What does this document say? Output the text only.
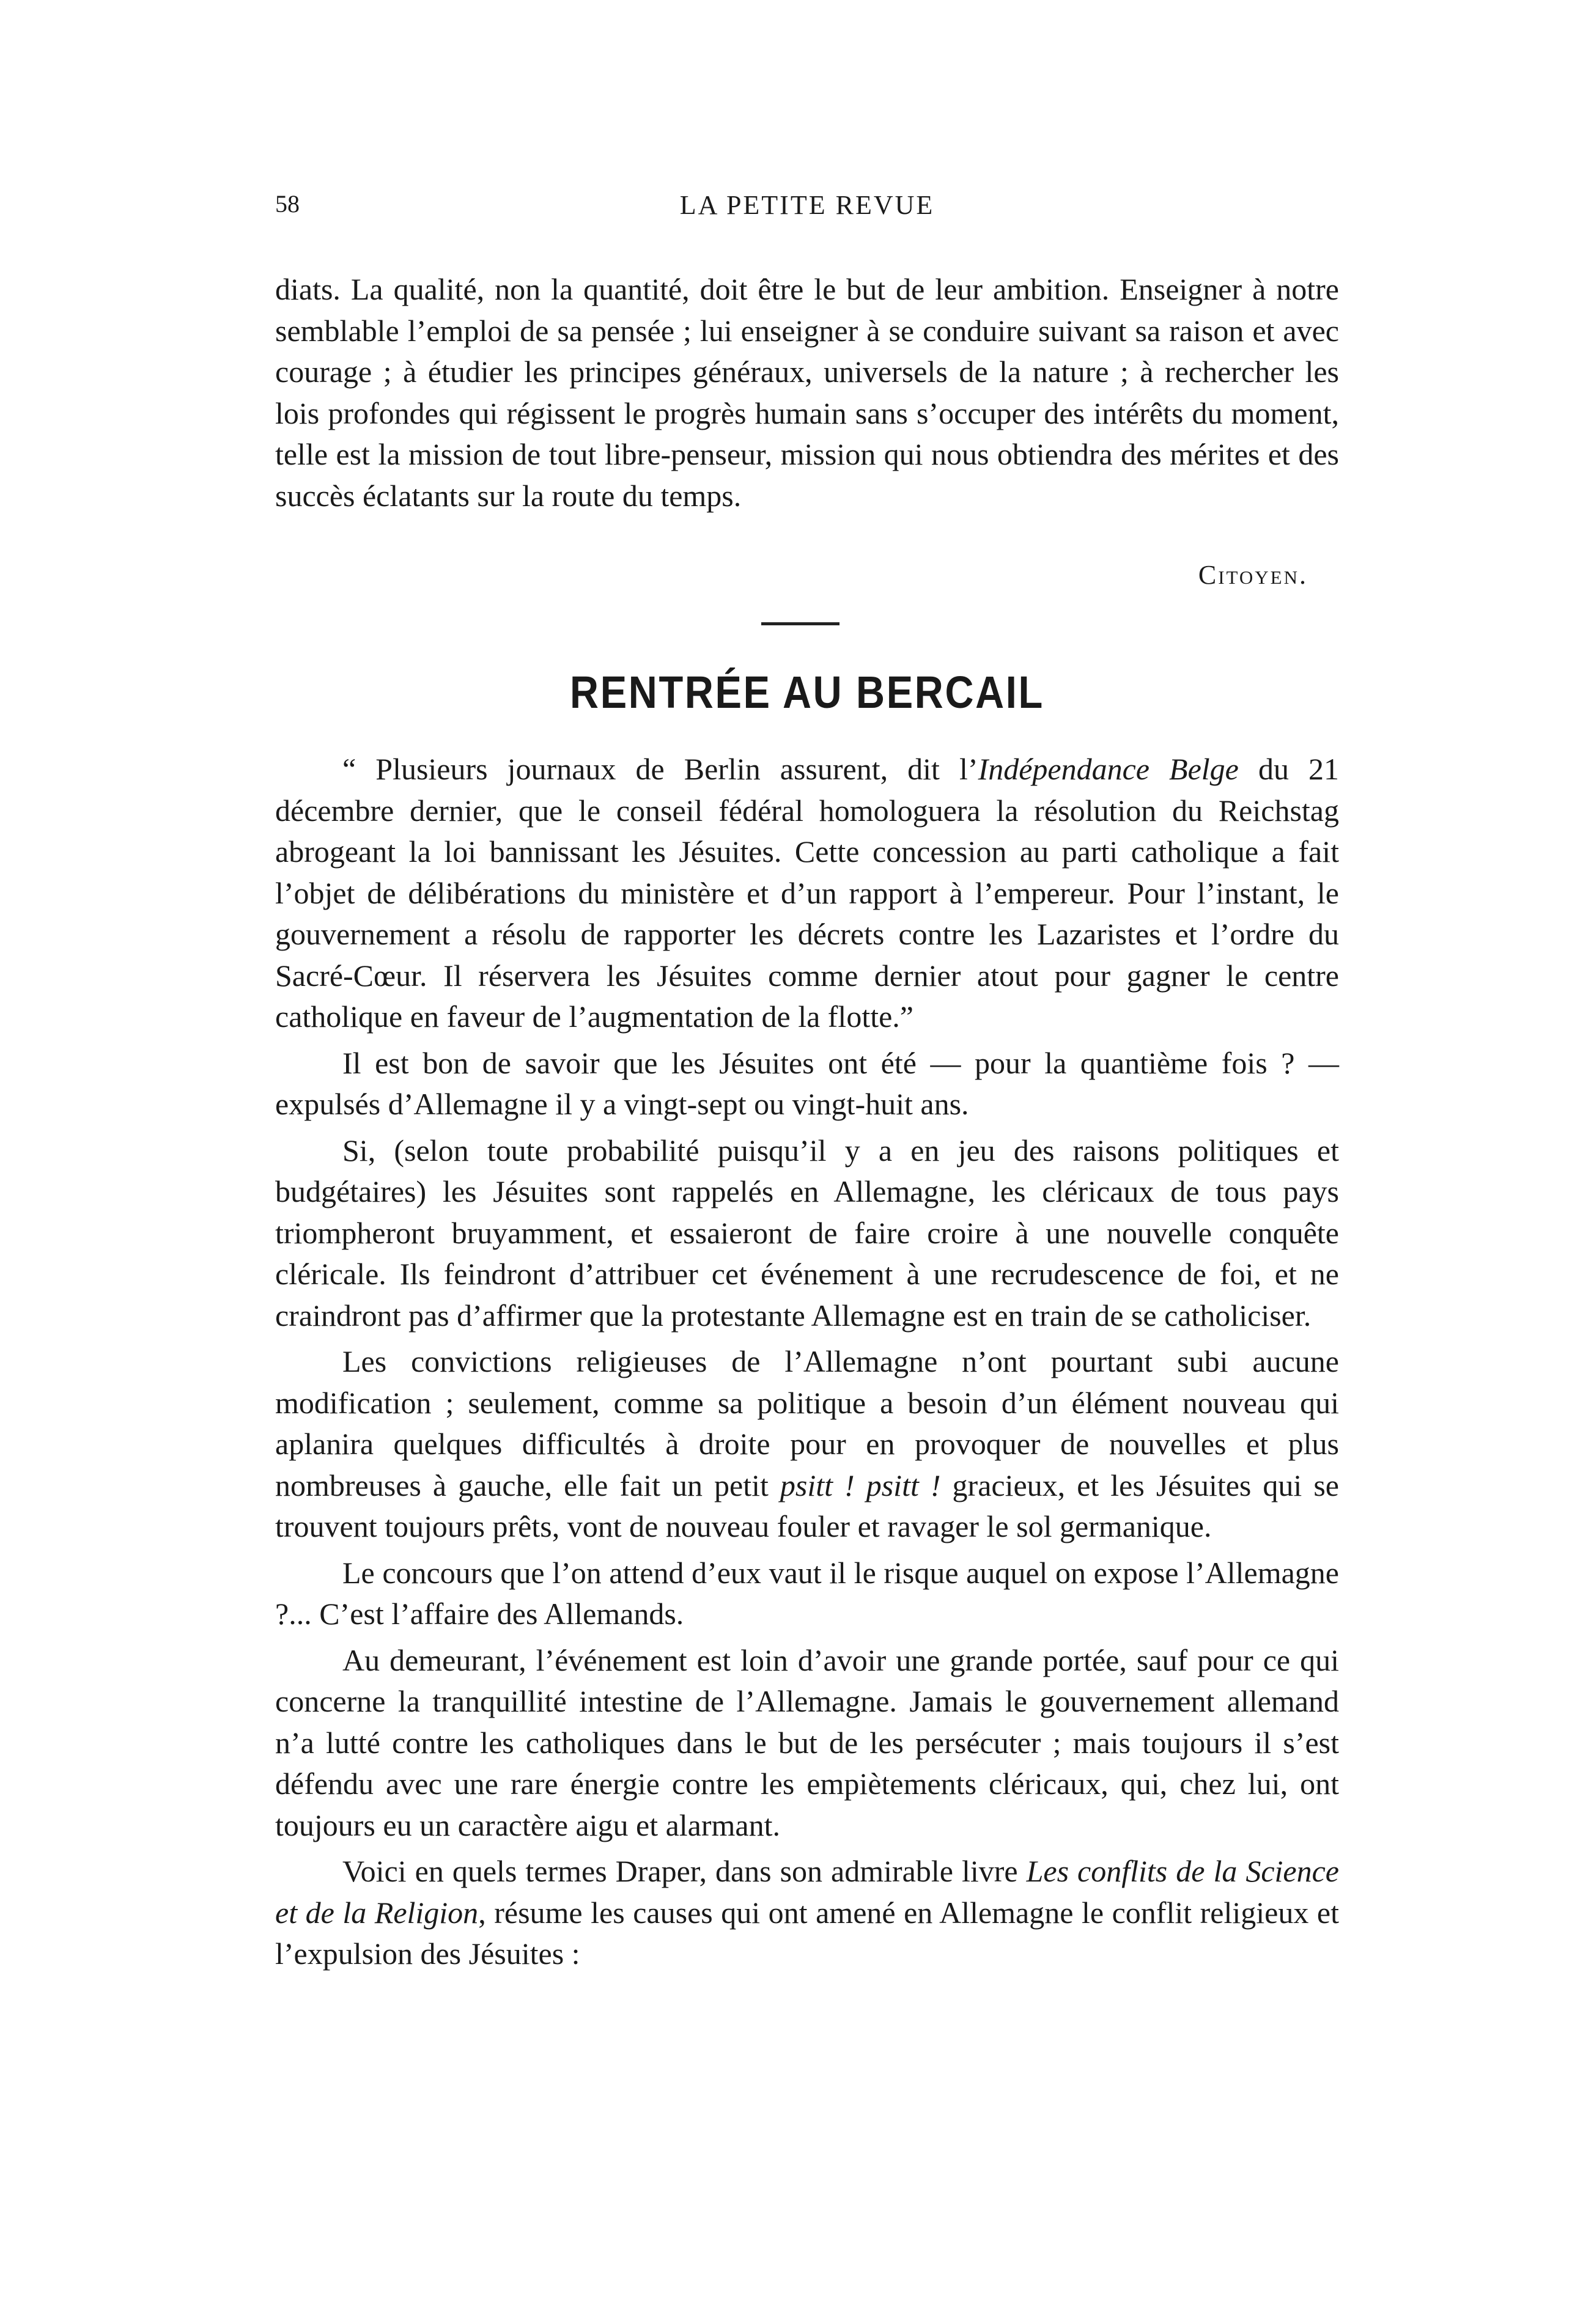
58	LA PETITE REVUE

diats. La qualité, non la quantité, doit être le but de leur ambition. Enseigner à notre semblable l’emploi de sa pensée ; lui enseigner à se conduire suivant sa raison et avec courage ; à étudier les principes généraux, universels de la nature ; à rechercher les lois profondes qui régissent le progrès humain sans s’occuper des intérêts du moment, telle est la mission de tout libre-penseur, mission qui nous obtiendra des mérites et des succès éclatants sur la route du temps.

Citoyen.
RENTRÉE AU BERCAIL

“ Plusieurs journaux de Berlin assurent, dit l’Indépendance Belge du 21 décembre dernier, que le conseil fédéral homologuera la résolution du Reichstag abrogeant la loi bannissant les Jésuites. Cette concession au parti catholique a fait l’objet de délibérations du ministère et d’un rapport à l’empereur. Pour l’instant, le gouvernement a résolu de rapporter les décrets contre les Lazaristes et l’ordre du Sacré-Cœur. Il réservera les Jésuites comme dernier atout pour gagner le centre catholique en faveur de l’augmentation de la flotte.”

Il est bon de savoir que les Jésuites ont été — pour la quantième fois ? — expulsés d’Allemagne il y a vingt-sept ou vingt-huit ans.

Si, (selon toute probabilité puisqu’il y a en jeu des raisons politiques et budgétaires) les Jésuites sont rappelés en Allemagne, les cléricaux de tous pays triompheront bruyamment, et essaieront de faire croire à une nouvelle conquête cléricale. Ils feindront d’attribuer cet événement à une recrudescence de foi, et ne craindront pas d’affirmer que la protestante Allemagne est en train de se catholiciser.

Les convictions religieuses de l’Allemagne n’ont pourtant subi aucune modification ; seulement, comme sa politique a besoin d’un élément nouveau qui aplanira quelques difficultés à droite pour en provoquer de nouvelles et plus nombreuses à gauche, elle fait un petit psitt ! psitt ! gracieux, et les Jésuites qui se trouvent toujours prêts, vont de nouveau fouler et ravager le sol germanique.

Le concours que l’on attend d’eux vaut il le risque auquel on expose l’Allemagne ?... C’est l’affaire des Allemands.

Au demeurant, l’événement est loin d’avoir une grande portée, sauf pour ce qui concerne la tranquillité intestine de l’Allemagne. Jamais le gouvernement allemand n’a lutté contre les catholiques dans le but de les persécuter ; mais toujours il s’est défendu avec une rare énergie contre les empiètements cléricaux, qui, chez lui, ont toujours eu un caractère aigu et alarmant.

Voici en quels termes Draper, dans son admirable livre Les conflits de la Science et de la Religion, résume les causes qui ont amené en Allemagne le conflit religieux et l’expulsion des Jésuites :
